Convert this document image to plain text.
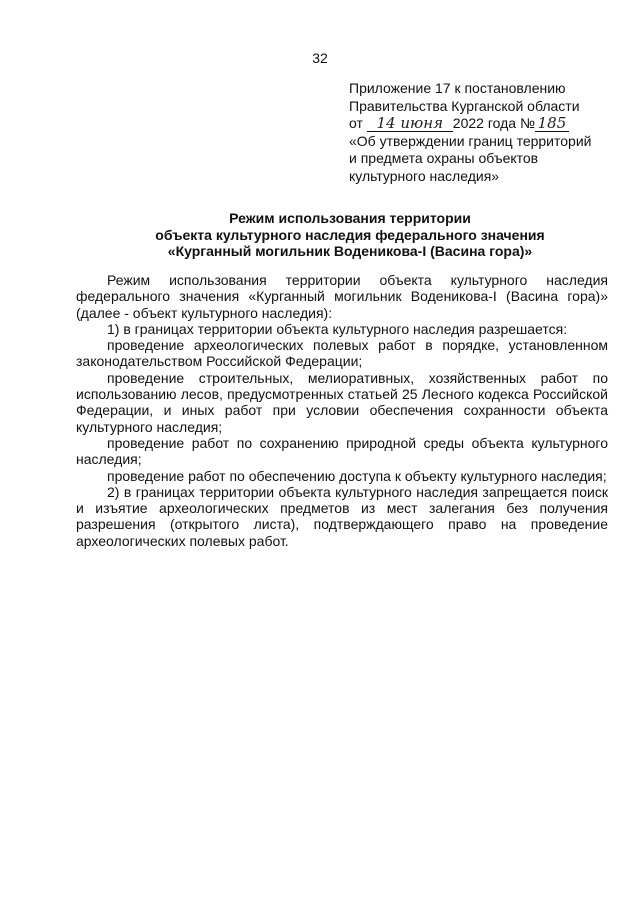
32
Приложение 17 к постановлению
Правительства Курганской области
от 14 июня 2022 года № 185
«Об утверждении границ территорий
и предмета охраны объектов
культурного наследия»
Режим использования территории
объекта культурного наследия федерального значения
«Курганный могильник Воденикова-I (Васина гора)»

Режим использования территории объекта культурного наследия федерального значения «Курганный могильник Воденикова-I (Васина гора)» (далее - объект культурного наследия):

1) в границах территории объекта культурного наследия разрешается:

проведение археологических полевых работ в порядке, установленном законодательством Российской Федерации;

проведение строительных, мелиоративных, хозяйственных работ по использованию лесов, предусмотренных статьей 25 Лесного кодекса Российской Федерации, и иных работ при условии обеспечения сохранности объекта культурного наследия;

проведение работ по сохранению природной среды объекта культурного наследия;

проведение работ по обеспечению доступа к объекту культурного наследия;

2) в границах территории объекта культурного наследия запрещается поиск и изъятие археологических предметов из мест залегания без получения разрешения (открытого листа), подтверждающего право на проведение археологических полевых работ.
